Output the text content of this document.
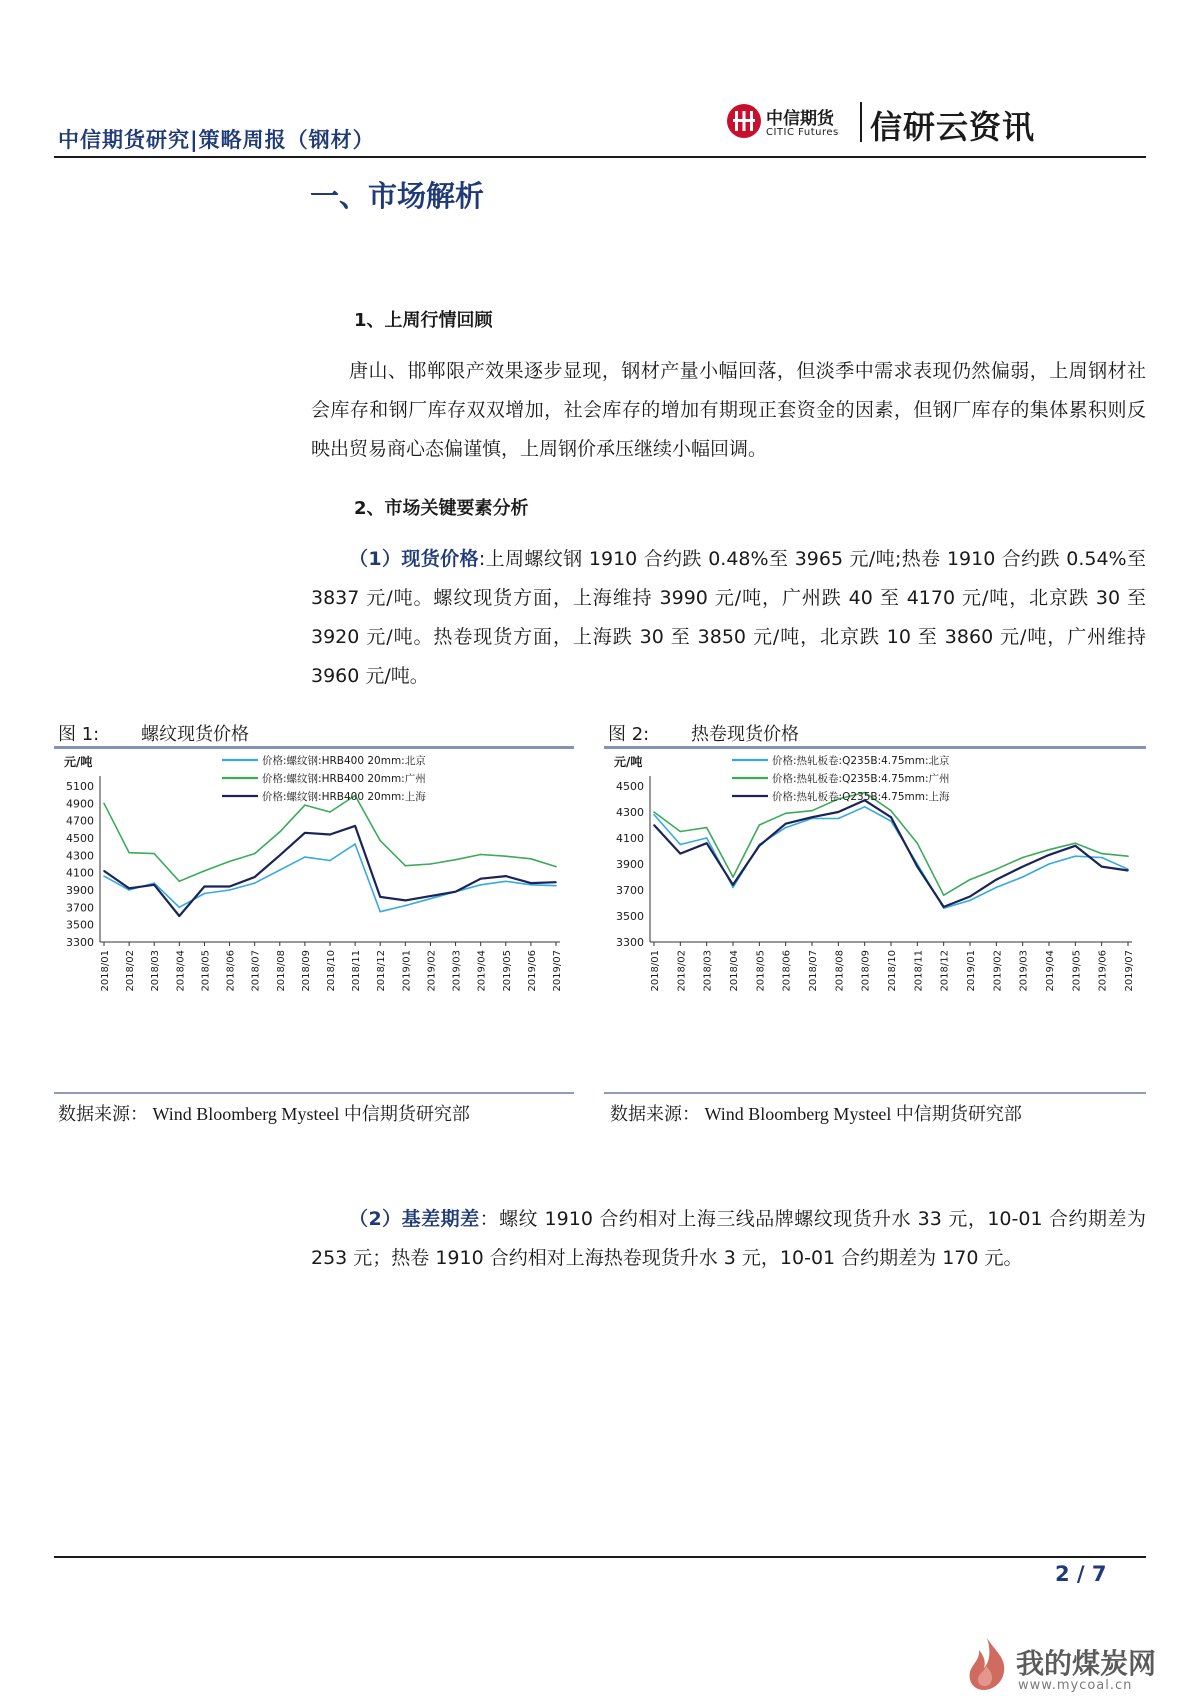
中信期货研究|策略周报（钢材）
中信期货
CITIC Futures 信研云资讯
一、市场解析
1、上周行情回顾

唐山、邯郸限产效果逐步显现，钢材产量小幅回落，但淡季中需求表现仍然偏弱，上周钢材社会库存和钢厂库存双双增加，社会库存的增加有期现正套资金的因素，但钢厂库存的集体累积则反映出贸易商心态偏谨慎，上周钢价承压继续小幅回调。

2、市场关键要素分析

（1）现货价格:上周螺纹钢 1910 合约跌 0.48%至 3965 元/吨;热卷 1910 合约跌 0.54%至 3837 元/吨。螺纹现货方面，上海维持 3990 元/吨，广州跌 40 至 4170 元/吨，北京跌 30 至 3920 元/吨。热卷现货方面，上海跌 30 至 3850 元/吨，北京跌 10 至 3860 元/吨，广州维持 3960 元/吨。

图 1: 螺纹现货价格
元/吨
3300
3500
3700
3900
4100
4300
4500
4700
4900
5100
2018/01 2018/02 2018/03 2018/04 2018/05 2018/06 2018/07 2018/08 2018/09 2018/10 2018/11 2018/12 2019/01 2019/02 2019/03 2019/04 2019/05 2019/06 2019/07
价格:螺纹钢:HRB400 20mm:北京
价格:螺纹钢:HRB400 20mm:广州
价格:螺纹钢:HRB400 20mm:上海
数据来源： Wind Bloomberg Mysteel 中信期货研究部
图 2: 热卷现货价格
元/吨
3300
3500
3700
3900
4100
4300
4500
2018/01 2018/02 2018/03 2018/04 2018/05 2018/06 2018/07 2018/08 2018/09 2018/10 2018/11 2018/12 2019/01 2019/02 2019/03 2019/04 2019/05 2019/06 2019/07
价格:热轧板卷:Q235B:4.75mm:北京
价格:热轧板卷:Q235B:4.75mm:广州
价格:热轧板卷:Q235B:4.75mm:上海
数据来源： Wind Bloomberg Mysteel 中信期货研究部

（2）基差期差：螺纹 1910 合约相对上海三线品牌螺纹现货升水 33 元，10-01 合约期差为 253 元；热卷 1910 合约相对上海热卷现货升水 3 元，10-01 合约期差为 170 元。

2 / 7
我的煤炭网
www.mycoal.cn
